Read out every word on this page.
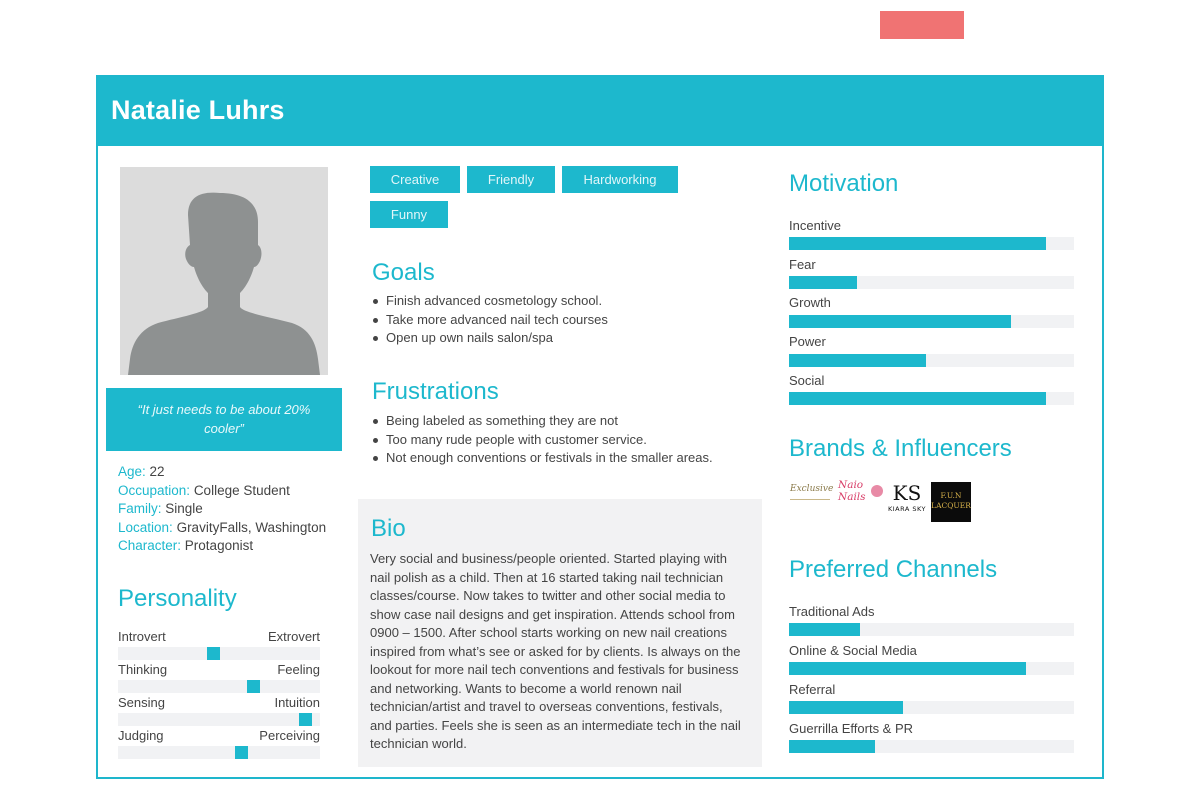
Natalie Luhrs
“It just needs to be about 20% cooler”
Age: 22
Occupation: College Student
Family: Single
Location: GravityFalls, Washington
Character: Protagonist
Personality
Introvert	Extrovert
Thinking	Feeling
Sensing	Intuition
Judging	Perceiving
Creative	Friendly	Hardworking
Funny
Goals
Finish advanced cosmetology school.
Take more advanced nail tech courses
Open up own nails salon/spa
Frustrations
Being labeled as something they are not
Too many rude people with customer service.
Not enough conventions or festivals in the smaller areas.
Bio
Very social and business/people oriented. Started playing with
nail polish as a child. Then at 16 started taking nail technician
classes/course. Now takes to twitter and other social media to
show case nail designs and get inspiration. Attends school from
0900 – 1500. After school starts working on new nail creations
inspired from what’s see or asked for by clients. Is always on the
lookout for more nail tech conventions and festivals for business
and networking. Wants to become a world renown nail
technician/artist and travel to overseas conventions, festivals,
and parties. Feels she is seen as an intermediate tech in the nail
technician world.
Motivation
Incentive
Fear
Growth
Power
Social
Brands & Influencers
Exclusive Naio Nails	KS
KIARA SKY
F.U.N LACQUER
Preferred Channels
Traditional Ads
Online & Social Media
Referral
Guerrilla Efforts & PR
